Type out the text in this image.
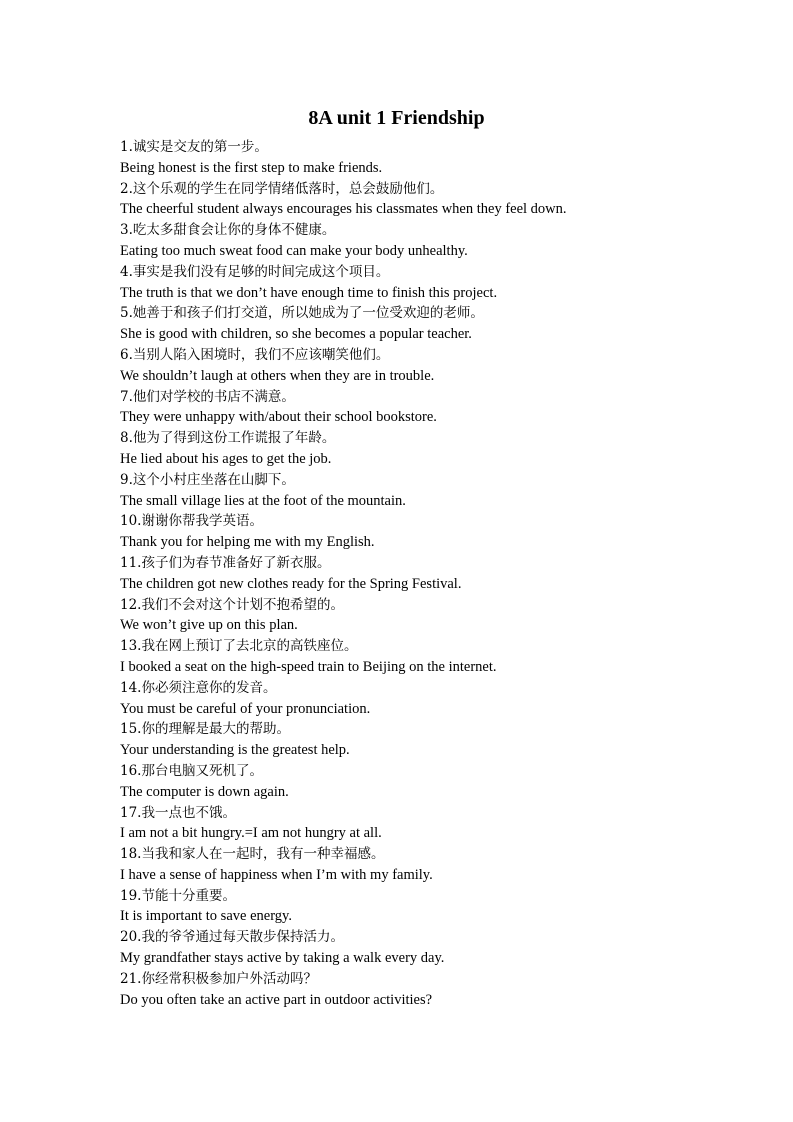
8A unit 1 Friendship
1.诚实是交友的第一步。
Being honest is the first step to make friends.
2.这个乐观的学生在同学情绪低落时，总会鼓励他们。
The cheerful student always encourages his classmates when they feel down.
3.吃太多甜食会让你的身体不健康。
Eating too much sweat food can make your body unhealthy.
4.事实是我们没有足够的时间完成这个项目。
The truth is that we don’t have enough time to finish this project.
5.她善于和孩子们打交道，所以她成为了一位受欢迎的老师。
She is good with children, so she becomes a popular teacher.
6.当别人陷入困境时，我们不应该嘲笑他们。
We shouldn’t laugh at others when they are in trouble.
7.他们对学校的书店不满意。
They were unhappy with/about their school bookstore.
8.他为了得到这份工作谎报了年龄。
He lied about his ages to get the job.
9.这个小村庄坐落在山脚下。
The small village lies at the foot of the mountain.
10.谢谢你帮我学英语。
Thank you for helping me with my English.
11.孩子们为春节准备好了新衣服。
The children got new clothes ready for the Spring Festival.
12.我们不会对这个计划不抱希望的。
We won’t give up on this plan.
13.我在网上预订了去北京的高铁座位。
I booked a seat on the high-speed train to Beijing on the internet.
14.你必须注意你的发音。
You must be careful of your pronunciation.
15.你的理解是最大的帮助。
Your understanding is the greatest help.
16.那台电脑又死机了。
The computer is down again.
17.我一点也不饿。
I am not a bit hungry.=I am not hungry at all.
18.当我和家人在一起时，我有一种幸福感。
I have a sense of happiness when I’m with my family.
19.节能十分重要。
It is important to save energy.
20.我的爷爷通过每天散步保持活力。
My grandfather stays active by taking a walk every day.
21.你经常积极参加户外活动吗？
Do you often take an active part in outdoor activities?
